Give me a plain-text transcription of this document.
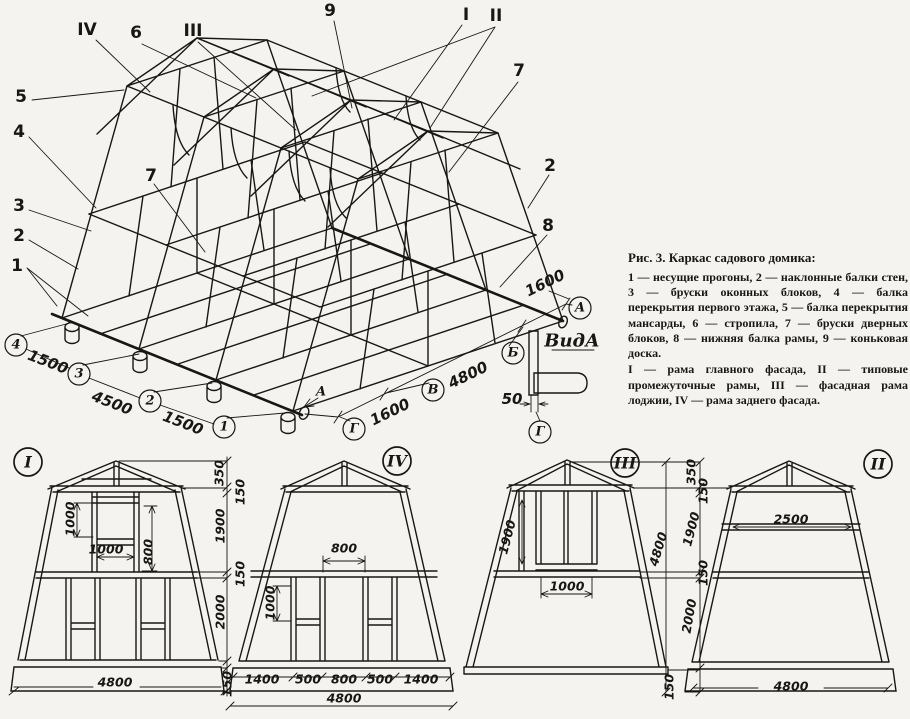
IV 6 III
9	I II
5
4
3
2
1
7
7
2
8
1500
4500
1500	1600
4800
1600
50
ВидА
А
4
3
2
1	Г
В
Б
А
Г
I	IV	III	II
1000
1000 800
4800
350
150
1900
150
2000
150
800
1000
1400 500 800 500 1400
4800
1900
1000
4800
350
150
1900
150
2000
150
2500
4800
Рис. 3. Каркас садового домика:

1 — несущие прогоны, 2 — наклонные балки стен, 3 — бруски оконных блоков, 4 — балка перекрытия первого этажа, 5 — балка перекрытия мансарды, 6 — стропила, 7 — бруски дверных блоков, 8 — нижняя балка рамы, 9 — коньковая доска.

I — рама главного фасада, II — типовые промежуточные рамы, III — фасадная рама лоджии, IV — рама заднего фасада.
